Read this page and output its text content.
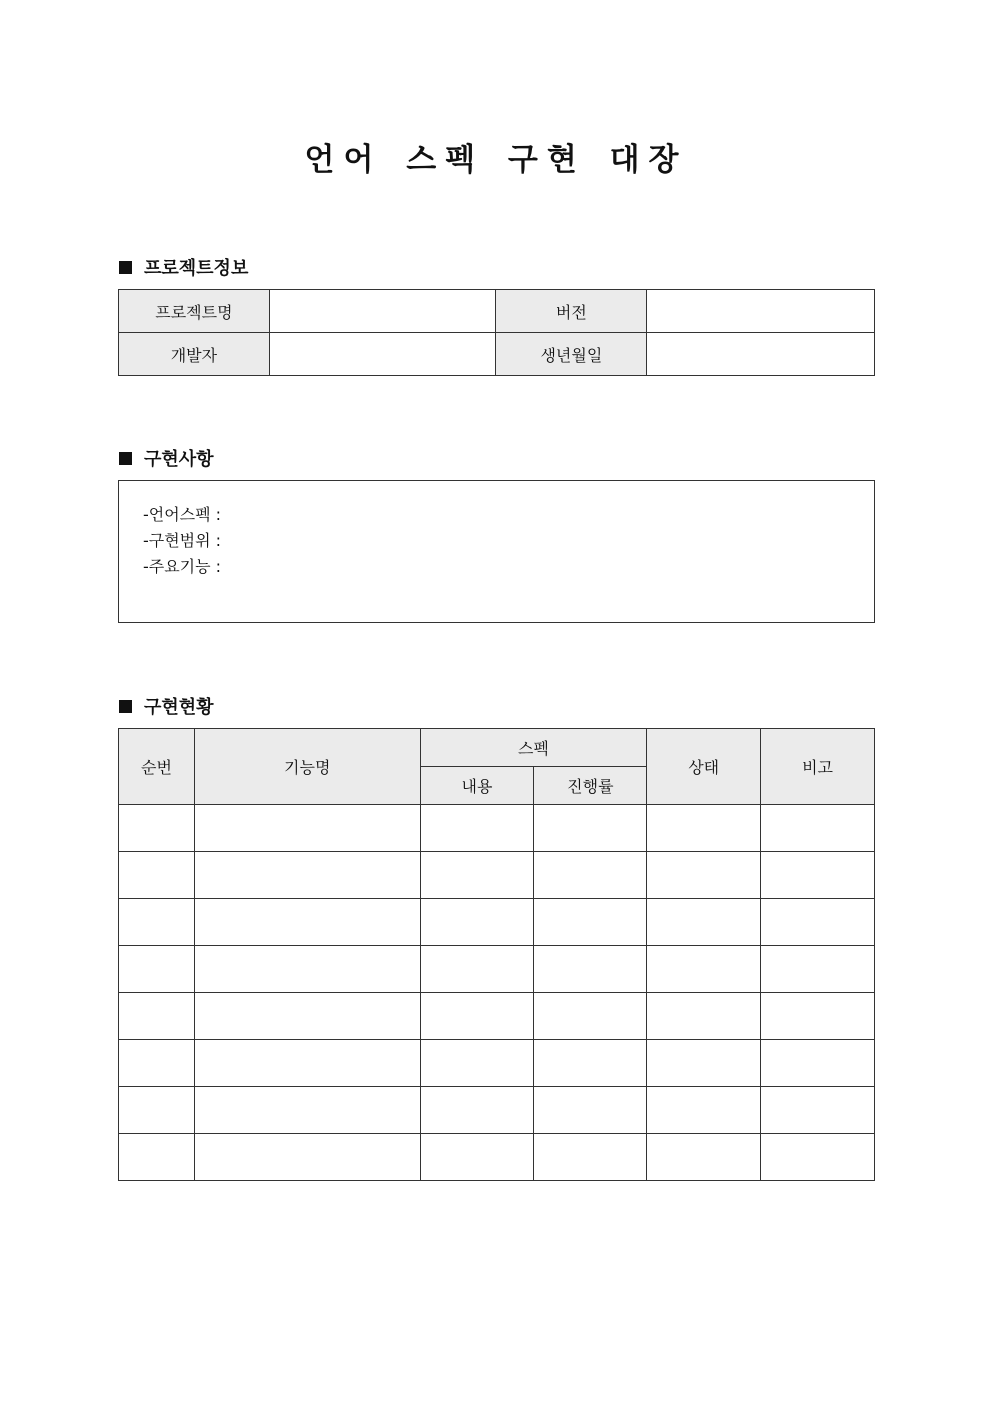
언어 스펙 구현 대장
프로젝트정보
프로젝트명		버전	
개발자		생년월일	
구현사항
-언어스펙 :
-구현범위 :
-주요기능 :
구현현황
순번	기능명	스펙		상태	비고
		내용	진행률		
